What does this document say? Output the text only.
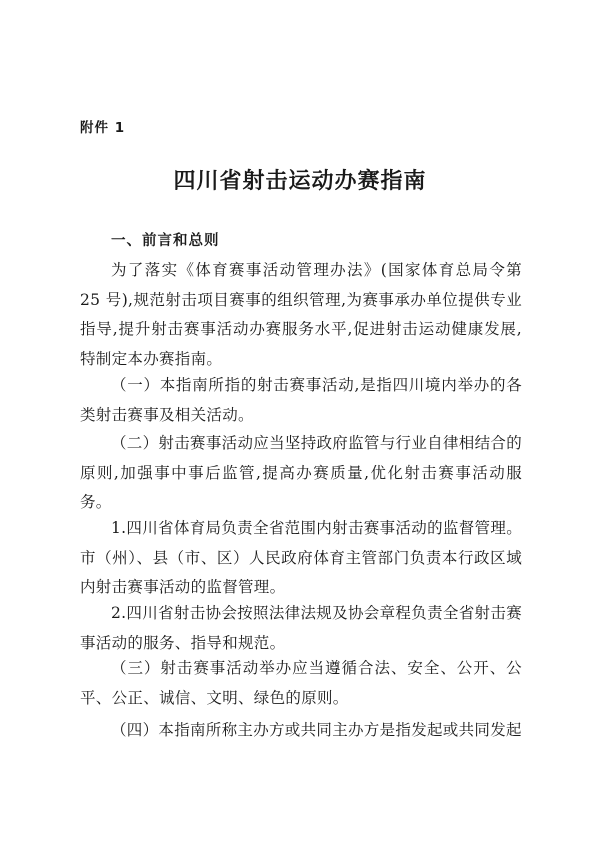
附件 1
四川省射击运动办赛指南
一、前言和总则

为了落实《体育赛事活动管理办法》(国家体育总局令第 25 号),规范射击项目赛事的组织管理,为赛事承办单位提供专业指导,提升射击赛事活动办赛服务水平,促进射击运动健康发展,特制定本办赛指南。

（一）本指南所指的射击赛事活动,是指四川境内举办的各类射击赛事及相关活动。

（二）射击赛事活动应当坚持政府监管与行业自律相结合的原则,加强事中事后监管,提高办赛质量,优化射击赛事活动服务。

1.四川省体育局负责全省范围内射击赛事活动的监督管理。市（州）、县（市、区）人民政府体育主管部门负责本行政区域内射击赛事活动的监督管理。

2.四川省射击协会按照法律法规及协会章程负责全省射击赛事活动的服务、指导和规范。

（三）射击赛事活动举办应当遵循合法、安全、公开、公平、公正、诚信、文明、绿色的原则。

（四）本指南所称主办方或共同主办方是指发起或共同发起
